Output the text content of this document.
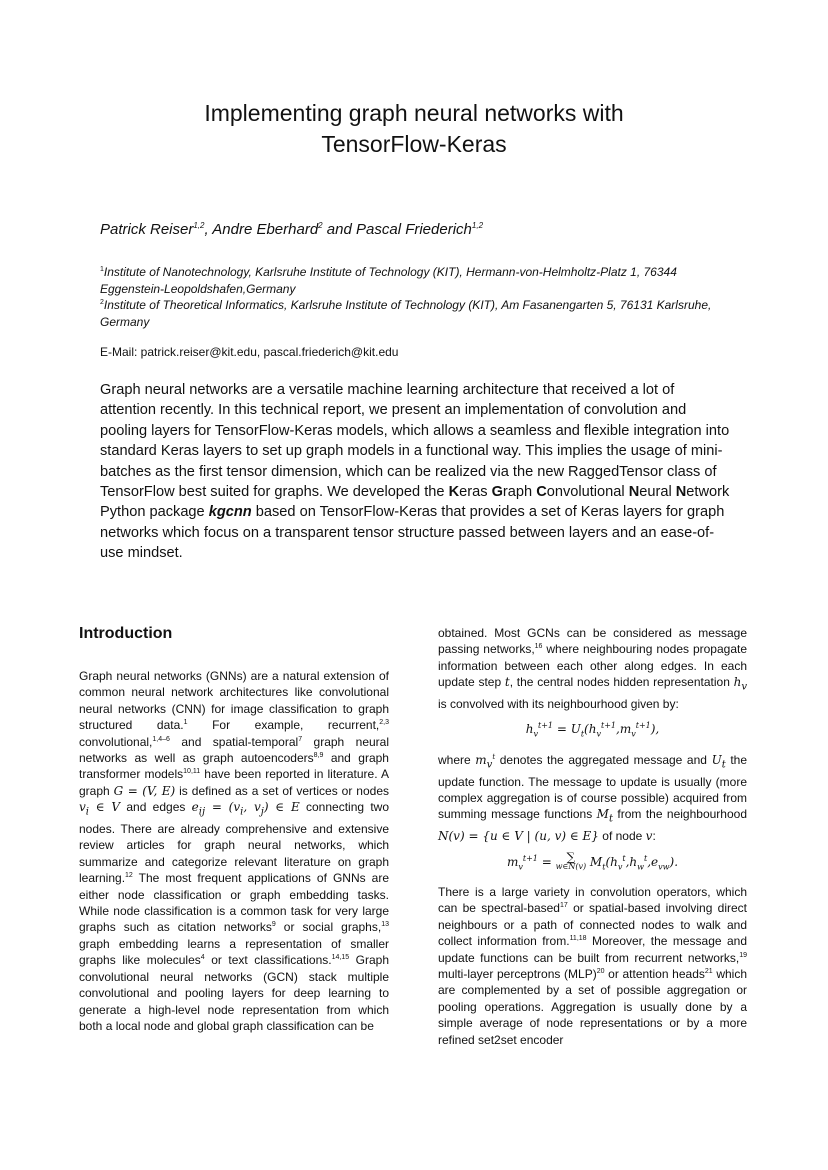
Implementing graph neural networks with
TensorFlow-Keras
Patrick Reiser$^{1,2}$, Andre Eberhard$^2$ and Pascal Friederich$^{1,2}$
$^1$Institute of Nanotechnology, Karlsruhe Institute of Technology (KIT), Hermann-von-Helmholtz-Platz 1, 76344 Eggenstein-Leopoldshafen,Germany
$^2$Institute of Theoretical Informatics, Karlsruhe Institute of Technology (KIT), Am Fasanengarten 5, 76131 Karlsruhe, Germany
E-Mail: patrick.reiser@kit.edu, pascal.friederich@kit.edu

Graph neural networks are a versatile machine learning architecture that received a lot of attention recently. In this technical report, we present an implementation of convolution and pooling layers for TensorFlow-Keras models, which allows a seamless and flexible integration into standard Keras layers to set up graph models in a functional way. This implies the usage of mini-batches as the first tensor dimension, which can be realized via the new RaggedTensor class of TensorFlow best suited for graphs. We developed the Keras Graph Convolutional Neural Network Python package kgcnn based on TensorFlow-Keras that provides a set of Keras layers for graph networks which focus on a transparent tensor structure passed between layers and an ease-of-use mindset.

Introduction

Graph neural networks (GNNs) are a natural extension of common neural network architectures like convolutional neural networks (CNN) for image classification to graph structured data.$^1$ For example, recurrent,$^{2,3}$ convolutional,$^{1,4-6}$ and spatial-temporal$^7$ graph neural networks as well as graph autoencoders$^{8,9}$ and graph transformer models$^{10,11}$ have been reported in literature. A graph G = (V, E) is defined as a set of vertices or nodes $v_i$ ∈ V and edges $e_{ij} = (v_i$, $v_j$) ∈ E connecting two nodes. There are already comprehensive and extensive review articles for graph neural networks, which summarize and categorize relevant literature on graph learning.$^{12}$ The most frequent applications of GNNs are either node classification or graph embedding tasks. While node classification is a common task for very large graphs such as citation networks$^9$ or social graphs,$^{13}$ graph embedding learns a representation of smaller graphs like molecules$^4$ or text classifications.$^{14,15}$ Graph convolutional neural networks (GCN) stack multiple convolutional and pooling layers for deep learning to generate a high-level node representation from which both a local node and global graph classification can be

obtained. Most GCNs can be considered as message passing networks,$^{16}$ where neighbouring nodes propagate information between each other along edges. In each update step t, the central nodes hidden representation $h_v$ is convolved with its neighbourhood given by:

$h_v^{t+1} = U_t(h_v^{t+1},m_v^{t+1})$,

where $m_v^t$ denotes the aggregated message and $U_t$ the update function. The message to update is usually (more complex aggregation is of course possible) acquired from summing message functions $M_t$ from the neighbourhood N(v) = {u ∈ V | (u, v) ∈ E} of node v:

$m_v^{t+1}$ = ∑
w∈N(v) $M_t(h_v^t,h_w^t,e_{vw})$.

There is a large variety in convolution operators, which can be spectral-based$^{17}$ or spatial-based involving direct neighbours or a path of connected nodes to walk and collect information from.$^{11,18}$ Moreover, the message and update functions can be built from recurrent networks,$^{19}$ multi-layer perceptrons (MLP)$^{20}$ or attention heads$^{21}$ which are complemented by a set of possible aggregation or pooling operations. Aggregation is usually done by a simple average of node representations or by a more refined set2set encoder
